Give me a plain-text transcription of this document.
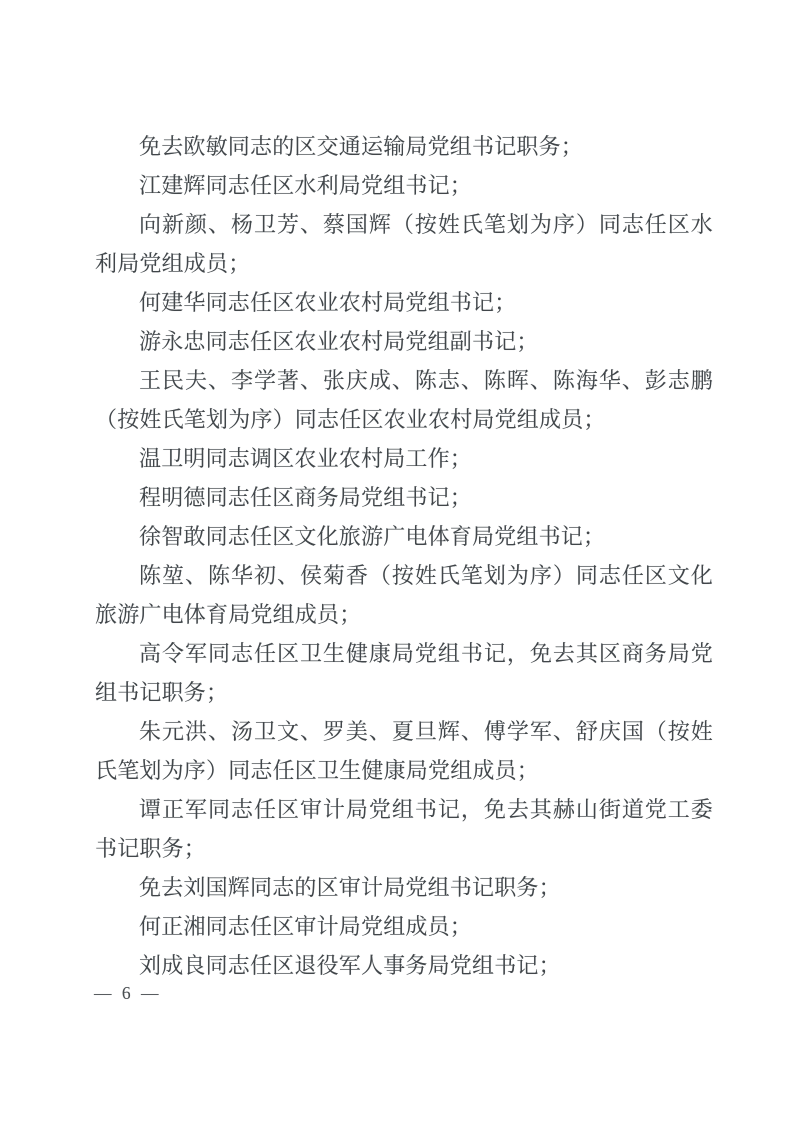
免去欧敏同志的区交通运输局党组书记职务；

江建辉同志任区水利局党组书记；

向新颜、杨卫芳、蔡国辉（按姓氏笔划为序）同志任区水利局党组成员；

何建华同志任区农业农村局党组书记；

游永忠同志任区农业农村局党组副书记；

王民夫、李学著、张庆成、陈志、陈晖、陈海华、彭志鹏（按姓氏笔划为序）同志任区农业农村局党组成员；

温卫明同志调区农业农村局工作；

程明德同志任区商务局党组书记；

徐智敢同志任区文化旅游广电体育局党组书记；

陈堃、陈华初、侯菊香（按姓氏笔划为序）同志任区文化旅游广电体育局党组成员；

高令军同志任区卫生健康局党组书记，免去其区商务局党组书记职务；

朱元洪、汤卫文、罗美、夏旦辉、傅学军、舒庆国（按姓氏笔划为序）同志任区卫生健康局党组成员；

谭正军同志任区审计局党组书记，免去其赫山街道党工委书记职务；

免去刘国辉同志的区审计局党组书记职务；

何正湘同志任区审计局党组成员；

刘成良同志任区退役军人事务局党组书记；

— 6 —
